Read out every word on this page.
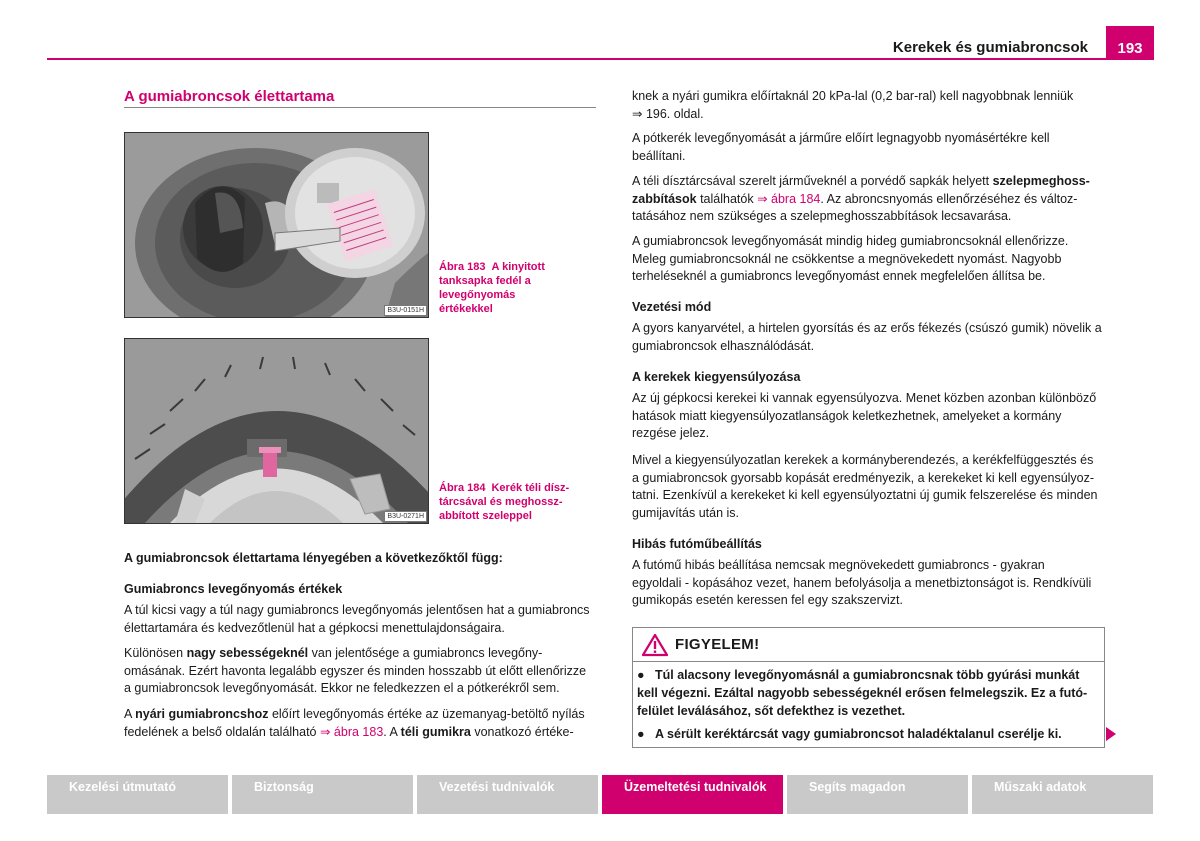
Kerekek és gumiabroncsok	193
A gumiabroncsok élettartama
B3U-0151H
Ábra 183 A kinyitott
tanksapka fedél a
levegőnyomás
értékekkel
B3U-0271H
Ábra 184 Kerék téli dísz-
tárcsával és meghossz-
abbított szeleppel
A gumiabroncsok élettartama lényegében a következőktől függ:
Gumiabroncs levegőnyomás értékek
A túl kicsi vagy a túl nagy gumiabroncs levegőnyomás jelentősen hat a gumiabroncs
élettartamára és kedvezőtlenül hat a gépkocsi menettulajdonságaira.
Különösen nagy sebességeknél van jelentősége a gumiabroncs levegőny-
omásának. Ezért havonta legalább egyszer és minden hosszabb út előtt ellenőrizze
a gumiabroncsok levegőnyomását. Ekkor ne feledkezzen el a pótkerékről sem.
A nyári gumiabroncshoz előírt levegőnyomás értéke az üzemanyag-betöltő nyílás
fedelének a belső oldalán található ⇒ ábra 183. A téli gumikra vonatkozó értéke-
knek a nyári gumikra előírtaknál 20 kPa-lal (0,2 bar-ral) kell nagyobbnak lenniük
⇒ 196. oldal.
A pótkerék levegőnyomását a járműre előírt legnagyobb nyomásértékre kell
beállítani.
A téli dísztárcsával szerelt járműveknél a porvédő sapkák helyett szelepmeghoss-
zabbítások találhatók ⇒ ábra 184. Az abroncsnyomás ellenőrzéséhez és változ-
tatásához nem szükséges a szelepmeghosszabbítások lecsavarása.
A gumiabroncsok levegőnyomását mindig hideg gumiabroncsoknál ellenőrizze.
Meleg gumiabroncsoknál ne csökkentse a megnövekedett nyomást. Nagyobb
terheléseknél a gumiabroncs levegőnyomást ennek megfelelően állítsa be.
Vezetési mód
A gyors kanyarvétel, a hirtelen gyorsítás és az erős fékezés (csúszó gumik) növelik a
gumiabroncsok elhasználódását.
A kerekek kiegyensúlyozása
Az új gépkocsi kerekei ki vannak egyensúlyozva. Menet közben azonban különböző
hatások miatt kiegyensúlyozatlanságok keletkezhetnek, amelyeket a kormány
rezgése jelez.
Mivel a kiegyensúlyozatlan kerekek a kormányberendezés, a kerékfelfüggesztés és
a gumiabroncsok gyorsabb kopását eredményezik, a kerekeket ki kell egyensúlyoz-
tatni. Ezenkívül a kerekeket ki kell egyensúlyoztatni új gumik felszerelése és minden
gumijavítás után is.
Hibás futóműbeállítás
A futómű hibás beállítása nemcsak megnövekedett gumiabroncs - gyakran
egyoldali - kopásához vezet, hanem befolyásolja a menetbiztonságot is. Rendkívüli
gumikopás esetén keressen fel egy szakszervizt.
FIGYELEM!
● Túl alacsony levegőnyomásnál a gumiabroncsnak több gyúrási munkát
kell végezni. Ezáltal nagyobb sebességeknél erősen felmelegszik. Ez a futó-
felület leválásához, sőt defekthez is vezethet.
● A sérült keréktárcsát vagy gumiabroncsot haladéktalanul cserélje ki.
Kezelési útmutató	Biztonság	Vezetési tudnivalók	Üzemeltetési tudnivalók	Segíts magadon	Műszaki adatok
